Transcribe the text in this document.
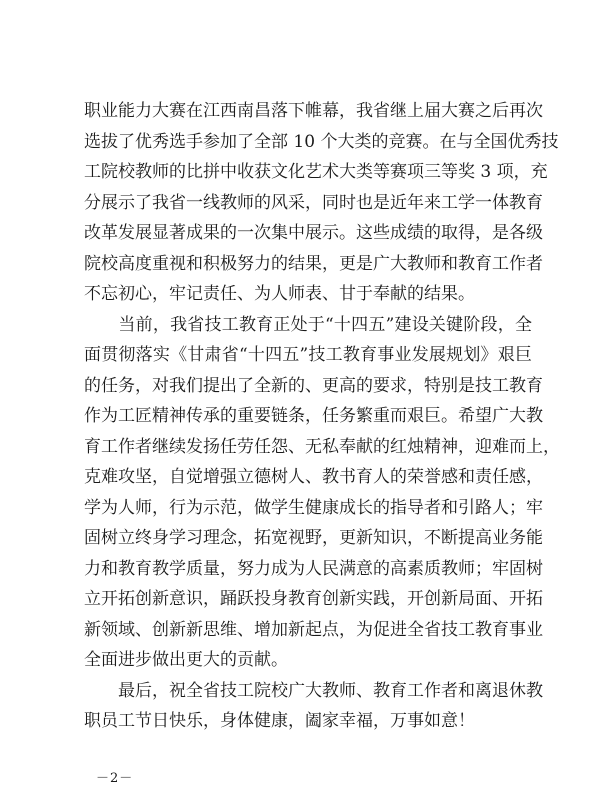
职业能力大赛在江西南昌落下帷幕，我省继上届大赛之后再次
选拔了优秀选手参加了全部 10 个大类的竞赛。在与全国优秀技
工院校教师的比拼中收获文化艺术大类等赛项三等奖 3 项，充
分展示了我省一线教师的风采，同时也是近年来工学一体教育
改革发展显著成果的一次集中展示。这些成绩的取得，是各级
院校高度重视和积极努力的结果，更是广大教师和教育工作者
不忘初心，牢记责任、为人师表、甘于奉献的结果。
　　当前，我省技工教育正处于“十四五”建设关键阶段，全
面贯彻落实《甘肃省“十四五”技工教育事业发展规划》艰巨
的任务，对我们提出了全新的、更高的要求，特别是技工教育
作为工匠精神传承的重要链条，任务繁重而艰巨。希望广大教
育工作者继续发扬任劳任怨、无私奉献的红烛精神，迎难而上，
克难攻坚，自觉增强立德树人、教书育人的荣誉感和责任感，
学为人师，行为示范，做学生健康成长的指导者和引路人；牢
固树立终身学习理念，拓宽视野，更新知识，不断提高业务能
力和教育教学质量，努力成为人民满意的高素质教师；牢固树
立开拓创新意识，踊跃投身教育创新实践，开创新局面、开拓
新领域、创新新思维、增加新起点，为促进全省技工教育事业
全面进步做出更大的贡献。
　　最后，祝全省技工院校广大教师、教育工作者和离退休教
职员工节日快乐，身体健康，阖家幸福，万事如意！
－2－
